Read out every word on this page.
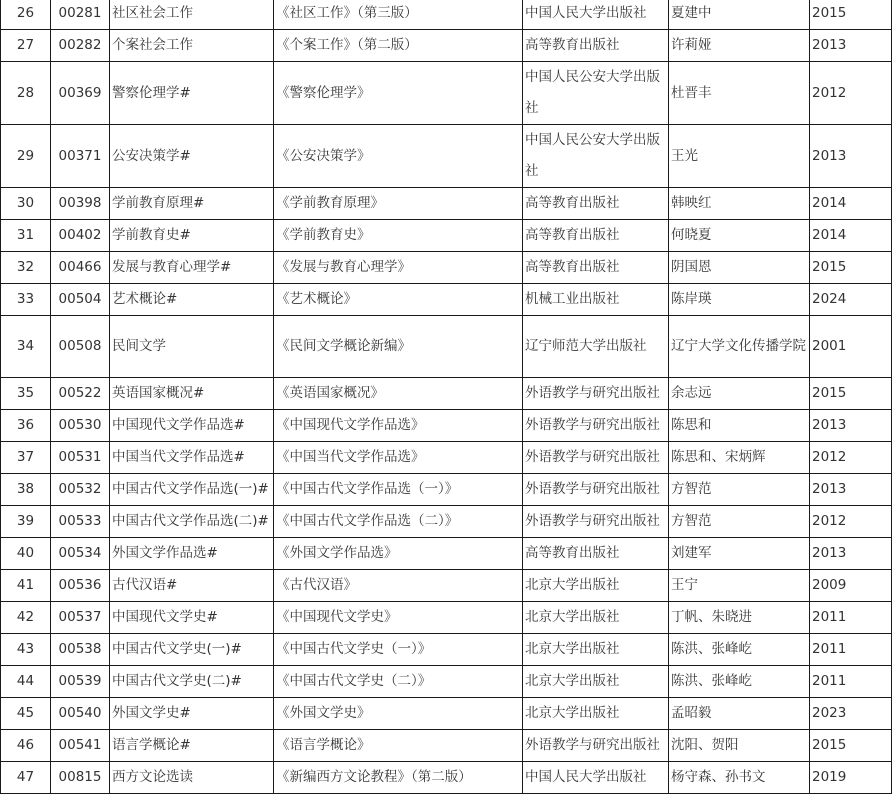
26	00281	社区社会工作	《社区工作》（第三版）	中国人民大学出版社	夏建中	2015
27	00282	个案社会工作	《个案工作》（第二版）	高等教育出版社	许莉娅	2013
28	00369	警察伦理学#	《警察伦理学》	中国人民公安大学出版社	杜晋丰	2012
29	00371	公安决策学#	《公安决策学》	中国人民公安大学出版社	王光	2013
30	00398	学前教育原理#	《学前教育原理》	高等教育出版社	韩映红	2014
31	00402	学前教育史#	《学前教育史》	高等教育出版社	何晓夏	2014
32	00466	发展与教育心理学#	《发展与教育心理学》	高等教育出版社	阴国恩	2015
33	00504	艺术概论#	《艺术概论》	机械工业出版社	陈岸瑛	2024
34	00508	民间文学	《民间文学概论新编》	辽宁师范大学出版社	辽宁大学文化传播学院	2001
35	00522	英语国家概况#	《英语国家概况》	外语教学与研究出版社	余志远	2015
36	00530	中国现代文学作品选#	《中国现代文学作品选》	外语教学与研究出版社	陈思和	2013
37	00531	中国当代文学作品选#	《中国当代文学作品选》	外语教学与研究出版社	陈思和、宋炳辉	2012
38	00532	中国古代文学作品选(一)#	《中国古代文学作品选（一）》	外语教学与研究出版社	方智范	2013
39	00533	中国古代文学作品选(二)#	《中国古代文学作品选（二）》	外语教学与研究出版社	方智范	2012
40	00534	外国文学作品选#	《外国文学作品选》	高等教育出版社	刘建军	2013
41	00536	古代汉语#	《古代汉语》	北京大学出版社	王宁	2009
42	00537	中国现代文学史#	《中国现代文学史》	北京大学出版社	丁帆、朱晓进	2011
43	00538	中国古代文学史(一)#	《中国古代文学史（一）》	北京大学出版社	陈洪、张峰屹	2011
44	00539	中国古代文学史(二)#	《中国古代文学史（二）》	北京大学出版社	陈洪、张峰屹	2011
45	00540	外国文学史#	《外国文学史》	北京大学出版社	孟昭毅	2023
46	00541	语言学概论#	《语言学概论》	外语教学与研究出版社	沈阳、贺阳	2015
47	00815	西方文论选读	《新编西方文论教程》（第二版）	中国人民大学出版社	杨守森、孙书文	2019
